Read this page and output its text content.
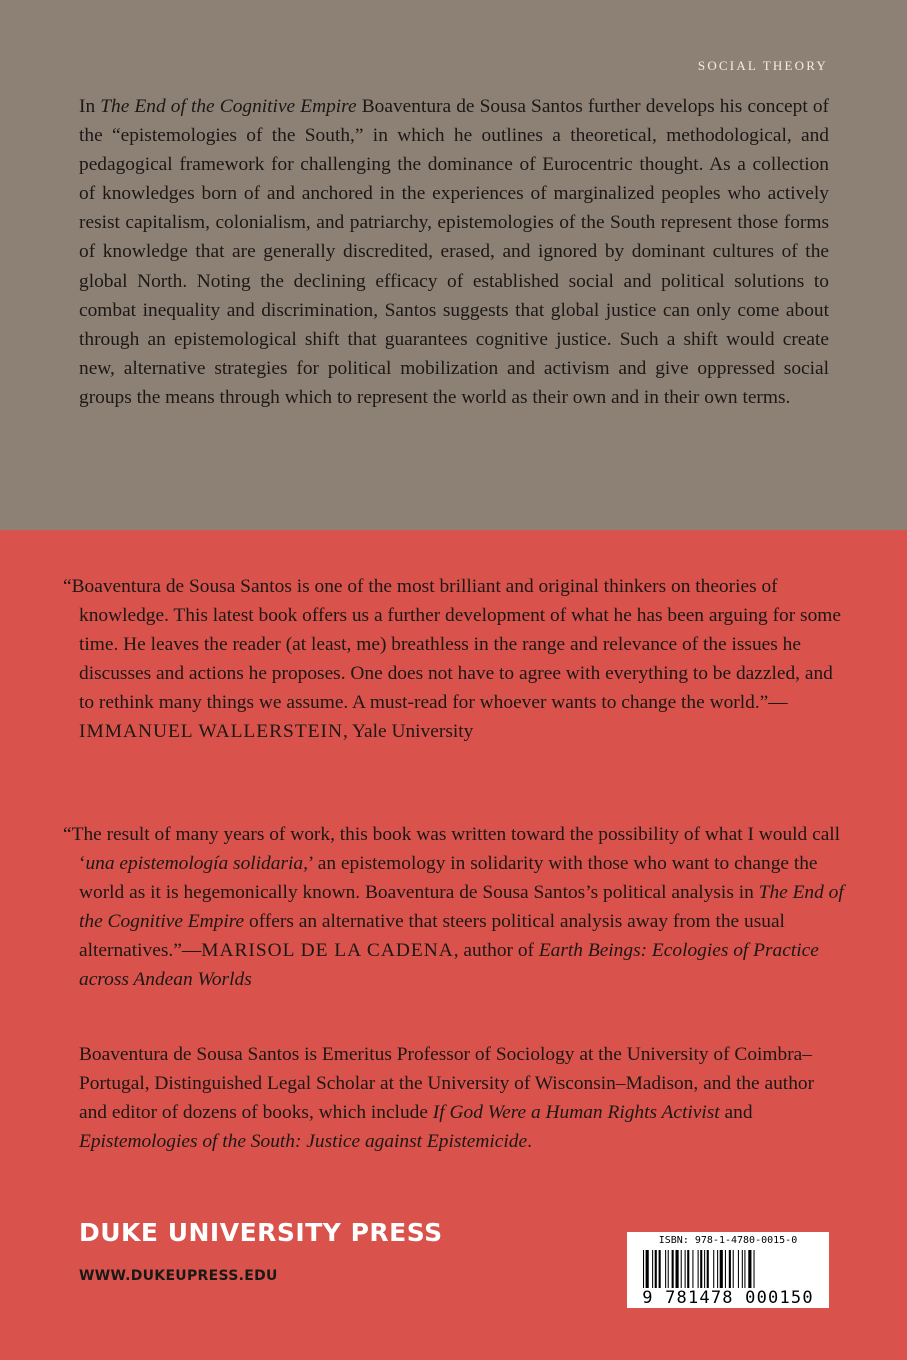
SOCIAL THEORY

In The End of the Cognitive Empire Boaventura de Sousa Santos further develops his concept of the “epistemologies of the South,” in which he outlines a theoretical, methodological, and pedagogical framework for challenging the dominance of Eurocentric thought. As a collection of knowledges born of and anchored in the experiences of marginalized peoples who actively resist capitalism, colonialism, and patriarchy, epistemologies of the South represent those forms of knowledge that are generally discredited, erased, and ignored by dominant cultures of the global North. Noting the declining efficacy of established social and political solutions to combat inequality and discrimination, Santos suggests that global justice can only come about through an epistemological shift that guarantees cognitive justice. Such a shift would create new, alternative strategies for political mobilization and activism and give oppressed social groups the means through which to represent the world as their own and in their own terms.

“Boaventura de Sousa Santos is one of the most brilliant and original thinkers on theories of knowledge. This latest book offers us a further development of what he has been arguing for some time. He leaves the reader (at least, me) breathless in the range and relevance of the issues he discusses and actions he proposes. One does not have to agree with everything to be dazzled, and to rethink many things we assume. A must-read for whoever wants to change the world.”—IMMANUEL WALLERSTEIN, Yale University

“The result of many years of work, this book was written toward the possibility of what I would call ‘una epistemología solidaria,’ an epistemology in solidarity with those who want to change the world as it is hegemonically known. Boaventura de Sousa Santos’s political analysis in The End of the Cognitive Empire offers an alternative that steers political analysis away from the usual alternatives.”—MARISOL DE LA CADENA, author of Earth Beings: Ecologies of Practice across Andean Worlds

Boaventura de Sousa Santos is Emeritus Professor of Sociology at the University of Coimbra–Portugal, Distinguished Legal Scholar at the University of Wisconsin–Madison, and the author and editor of dozens of books, which include If God Were a Human Rights Activist and Epistemologies of the South: Justice against Epistemicide.

DUKE UNIVERSITY PRESS
WWW.DUKEUPRESS.EDU
ISBN: 978-1-4780-0015-0
9 781478 000150
